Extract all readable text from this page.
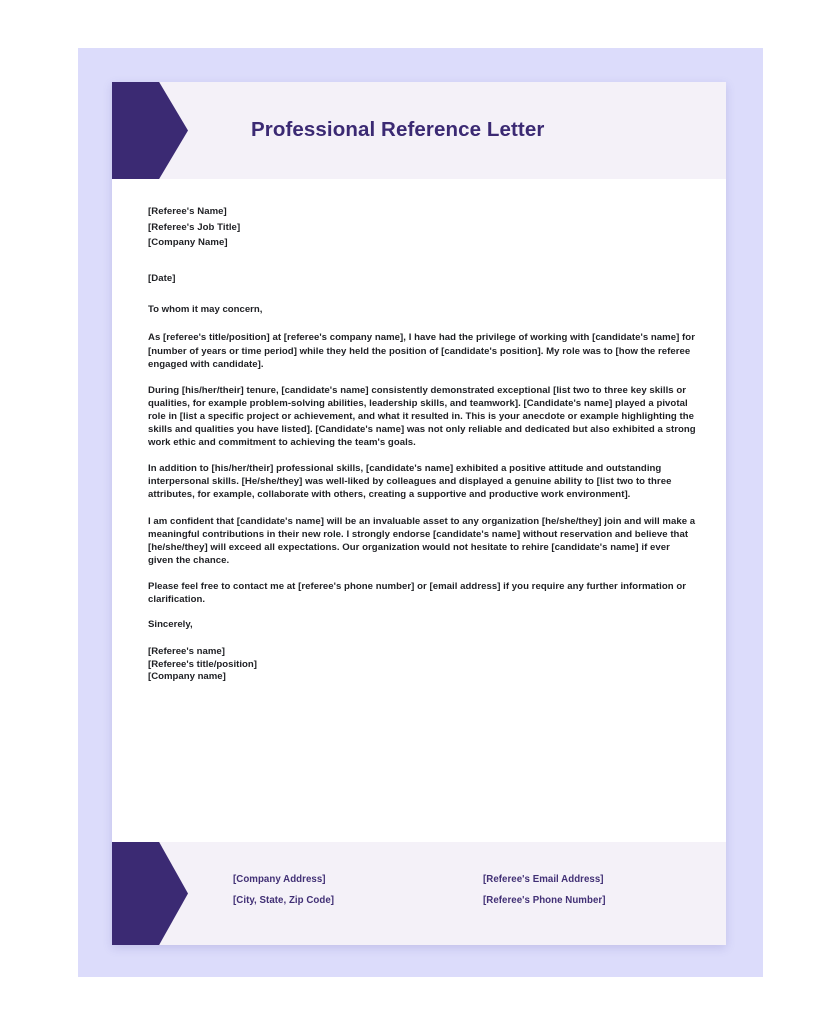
Professional Reference Letter
[Referee's Name]
[Referee's Job Title]
[Company Name]
[Date]
To whom it may concern,
As [referee's title/position] at [referee's company name], I have had the privilege of working with [candidate's name] for [number of years or time period] while they held the position of [candidate's position]. My role was to [how the referee engaged with candidate].
During [his/her/their] tenure, [candidate's name] consistently demonstrated exceptional [list two to three key skills or qualities, for example problem-solving abilities, leadership skills, and teamwork]. [Candidate's name] played a pivotal role in [list a specific project or achievement, and what it resulted in. This is your anecdote or example highlighting the skills and qualities you have listed]. [Candidate's name] was not only reliable and dedicated but also exhibited a strong work ethic and commitment to achieving the team's goals.
In addition to [his/her/their] professional skills, [candidate's name] exhibited a positive attitude and outstanding interpersonal skills. [He/she/they] was well-liked by colleagues and displayed a genuine ability to [list two to three attributes, for example, collaborate with others, creating a supportive and productive work environment].
I am confident that [candidate's name] will be an invaluable asset to any organization [he/she/they] join and will make a meaningful contributions in their new role. I strongly endorse [candidate's name] without reservation and believe that [he/she/they] will exceed all expectations. Our organization would not hesitate to rehire [candidate's name] if ever given the chance.
Please feel free to contact me at [referee's phone number] or [email address] if you require any further information or clarification.
Sincerely,
[Referee's name]
[Referee's title/position]
[Company name]
[Company Address]
[City, State, Zip Code]
[Referee's Email Address]
[Referee's Phone Number]
